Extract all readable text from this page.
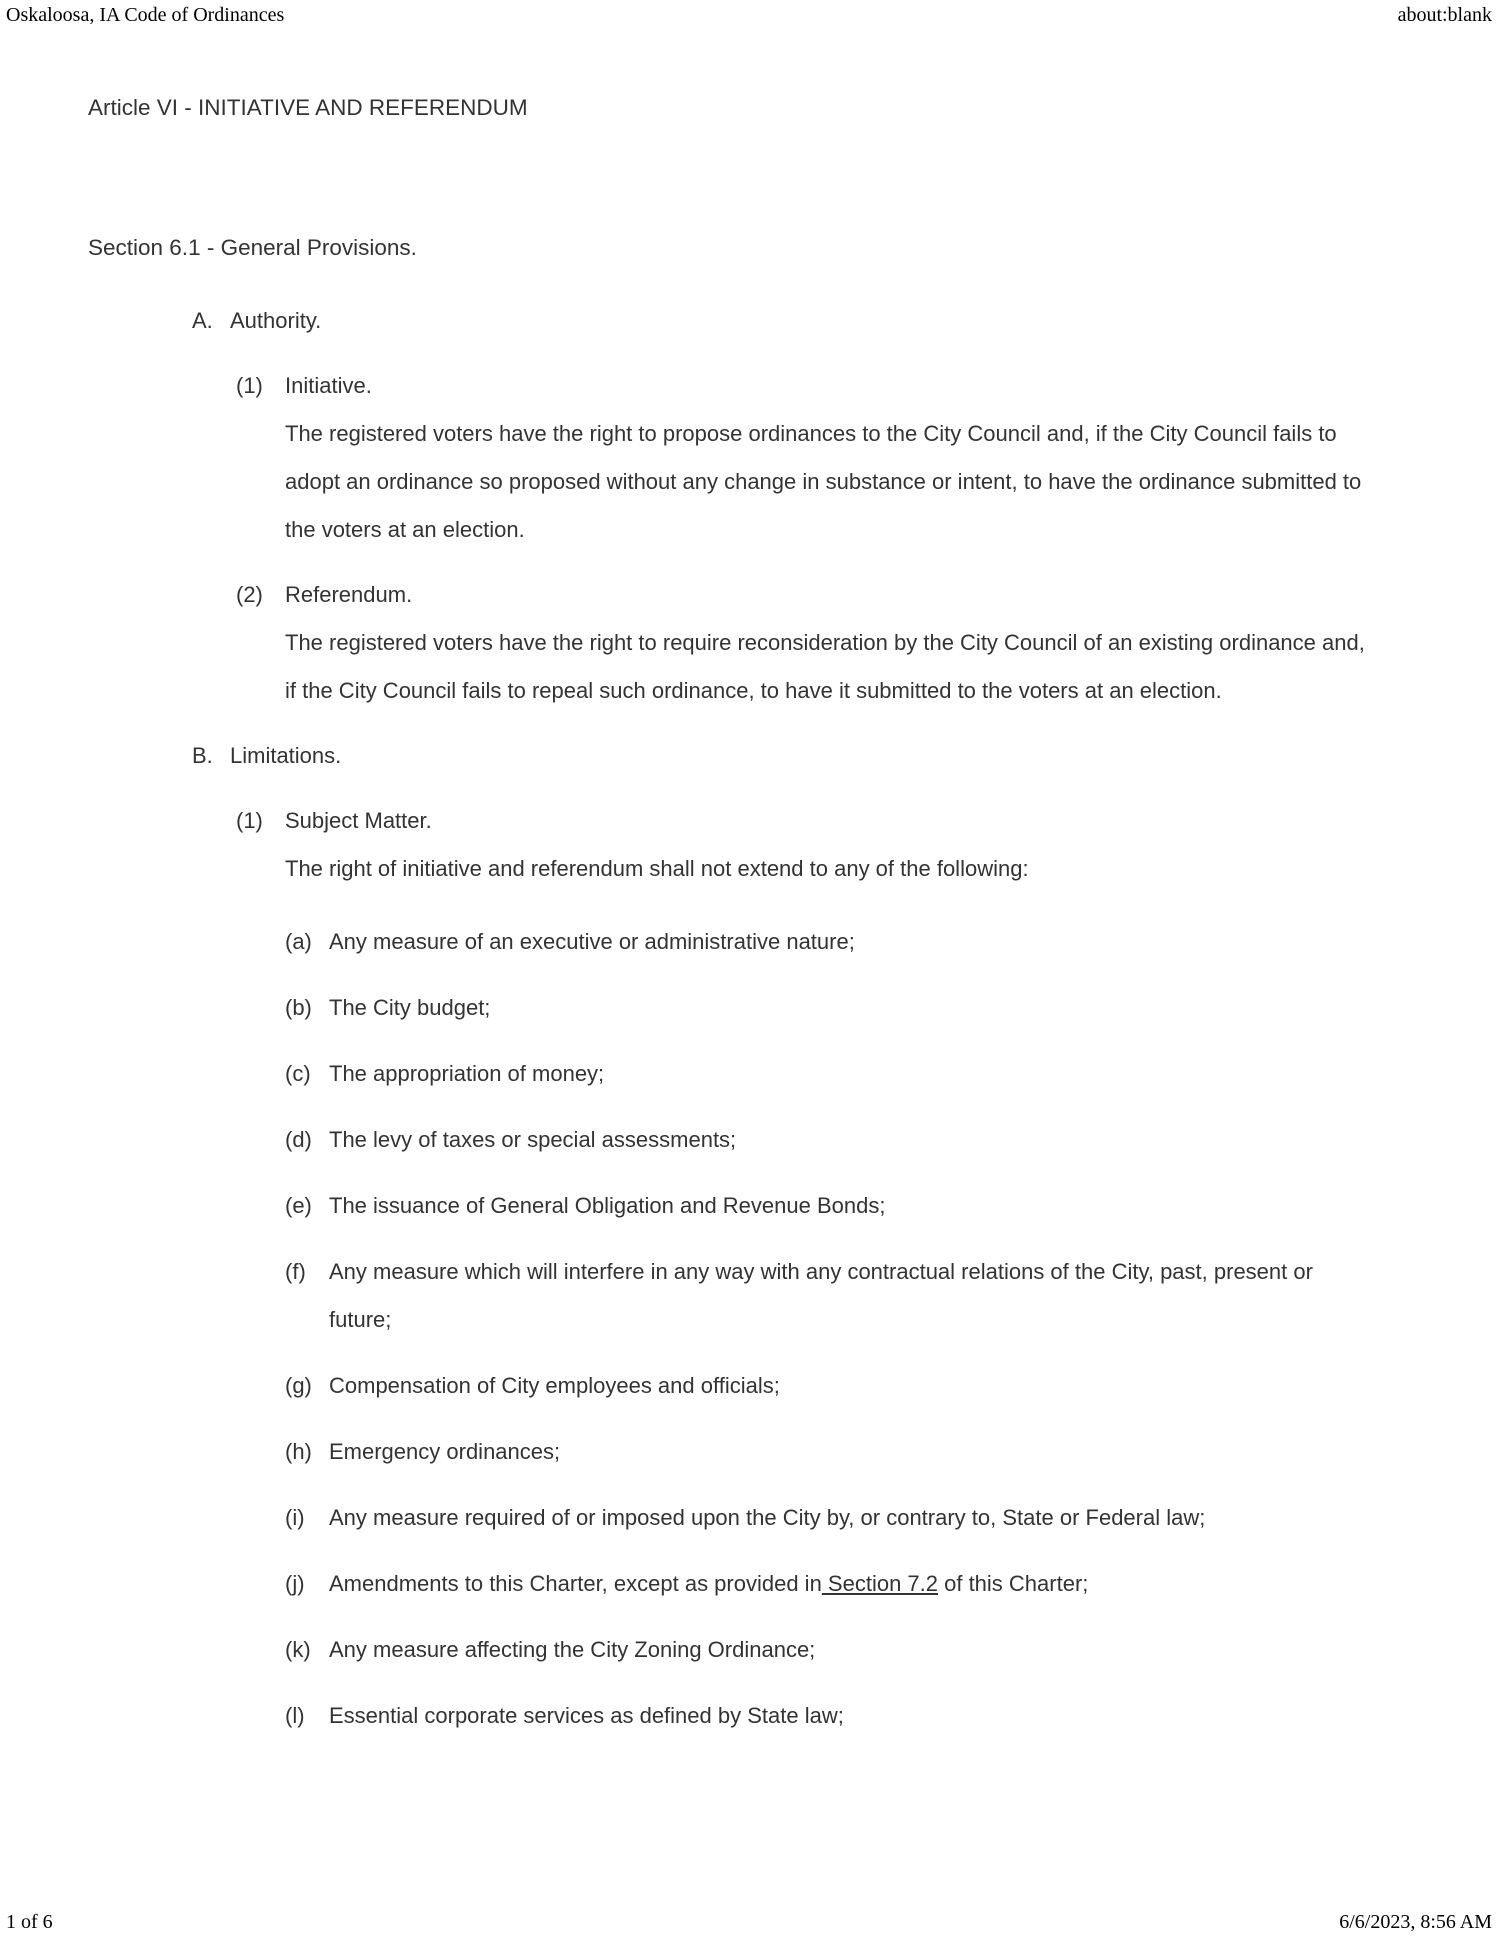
Oskaloosa, IA Code of Ordinances	about:blank
Article VI - INITIATIVE AND REFERENDUM
Section 6.1 - General Provisions.
A. Authority.
(1)	Initiative.
The registered voters have the right to propose ordinances to the City Council and, if the City Council fails to adopt an ordinance so proposed without any change in substance or intent, to have the ordinance submitted to the voters at an election.
(2)	Referendum.
The registered voters have the right to require reconsideration by the City Council of an existing ordinance and, if the City Council fails to repeal such ordinance, to have it submitted to the voters at an election.
B. Limitations.
(1)	Subject Matter.
The right of initiative and referendum shall not extend to any of the following:
(a) Any measure of an executive or administrative nature;
(b) The City budget;
(c) The appropriation of money;
(d) The levy of taxes or special assessments;
(e) The issuance of General Obligation and Revenue Bonds;
(f)	Any measure which will interfere in any way with any contractual relations of the City, past, present or future;
(g) Compensation of City employees and officials;
(h) Emergency ordinances;
(i)	Any measure required of or imposed upon the City by, or contrary to, State or Federal law;
(j)	Amendments to this Charter, except as provided in Section 7.2 of this Charter;
(k) Any measure affecting the City Zoning Ordinance;
(l)	Essential corporate services as defined by State law;
1 of 6	6/6/2023, 8:56 AM
